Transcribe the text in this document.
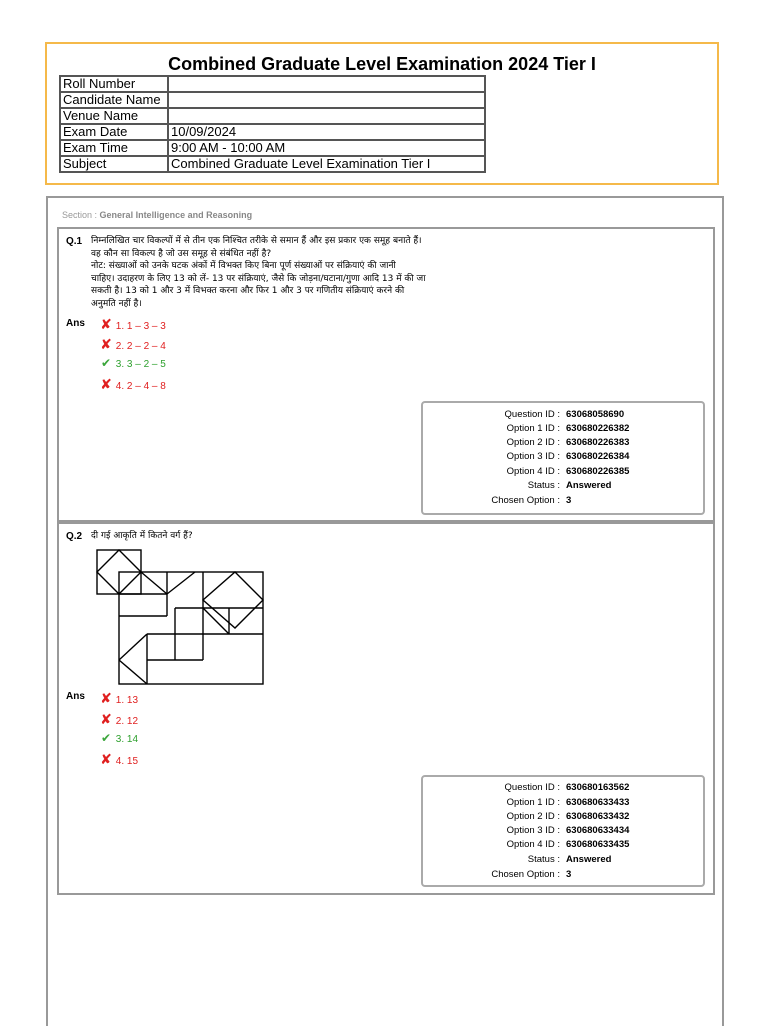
Combined Graduate Level Examination 2024 Tier I
Roll Number	
Candidate Name	
Venue Name	
Exam Date	10/09/2024
Exam Time	9:00 AM - 10:00 AM
Subject	Combined Graduate Level Examination Tier I
Section : General Intelligence and Reasoning
Q.1 निम्नलिखित चार विकल्पों में से तीन एक निश्चित तरीके से समान हैं और इस प्रकार एक समूह बनाते हैं।

वह कौन सा विकल्प है जो उस समूह से संबंधित नहीं है?

नोट: संख्याओं को उनके घटक अंकों में विभक्त किए बिना पूर्ण संख्याओं पर संक्रियाएं की जानी

चाहिए। उदाहरण के लिए 13 को लें- 13 पर संक्रियाएं, जैसे कि जोड़ना/घटाना/गुणा आदि 13 में की जा

सकती है। 13 को 1 और 3 में विभक्त करना और फिर 1 और 3 पर गणितीय संक्रियाएं करने की

अनुमति नहीं है।

Ans ✘ 1. 1 – 3 – 3
✘ 2. 2 – 2 – 4
✔ 3. 3 – 2 – 5
✘ 4. 2 – 4 – 8
Question ID : 63068058690
Option 1 ID : 630680226382
Option 2 ID : 630680226383
Option 3 ID : 630680226384
Option 4 ID : 630680226385
Status : Answered
Chosen Option : 3
Q.2 दी गई आकृति में कितने वर्ग हैं?

Ans ✘ 1. 13
✘ 2. 12
✔ 3. 14
✘ 4. 15
Question ID : 630680163562
Option 1 ID : 630680633433
Option 2 ID : 630680633432
Option 3 ID : 630680633434
Option 4 ID : 630680633435
Status : Answered
Chosen Option : 3
